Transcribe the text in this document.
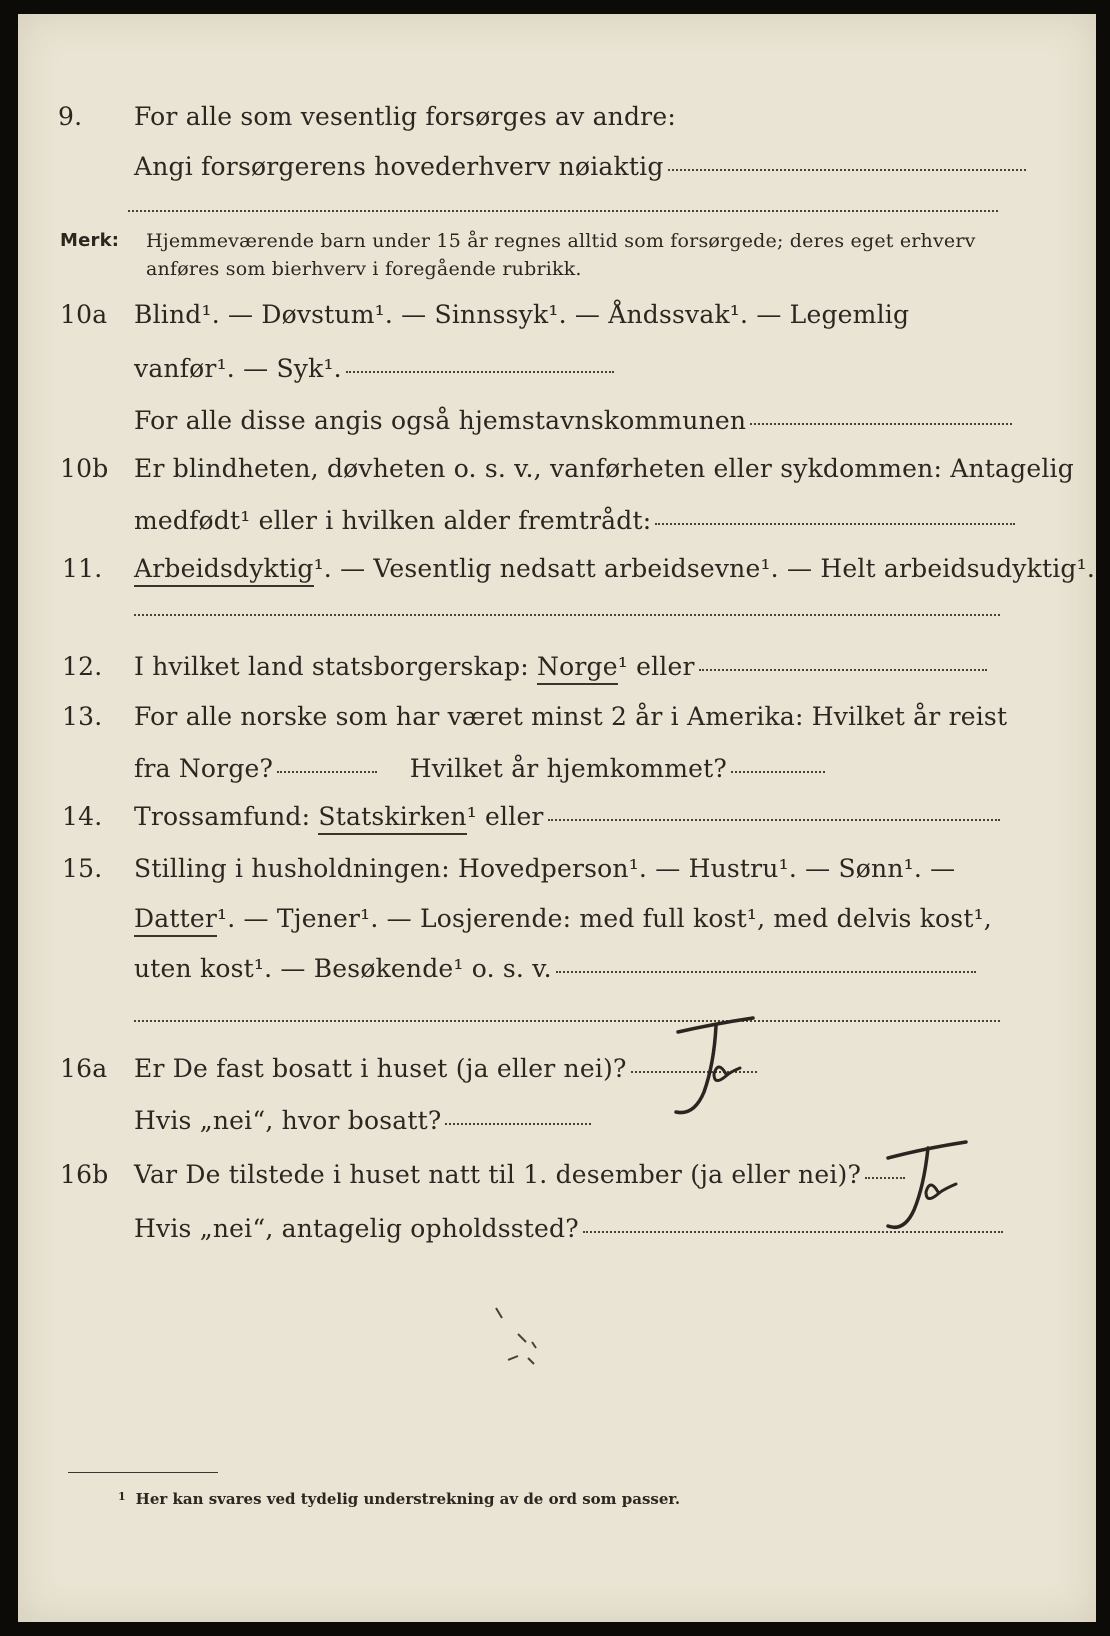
9. For alle som vesentlig forsørges av andre:
Angi forsørgerens hovederhverv nøiaktig
Merk: Hjemmeværende barn under 15 år regnes alltid som forsørgede; deres eget erhverv
anføres som bierhverv i foregående rubrikk.
10a Blind¹. — Døvstum¹. — Sinnssyk¹. — Åndssvak¹. — Legemlig
vanfør¹. — Syk¹.
For alle disse angis også hjemstavnskommunen
10b Er blindheten, døvheten o. s. v., vanførheten eller sykdommen: Antagelig
medfødt¹ eller i hvilken alder fremtrådt:
11. Arbeidsdyktig¹. — Vesentlig nedsatt arbeidsevne¹. — Helt arbeidsudyktig¹.
12. I hvilket land statsborgerskap: Norge¹ eller
13. For alle norske som har været minst 2 år i Amerika: Hvilket år reist
fra Norge?	Hvilket år hjemkommet?
14. Trossamfund: Statskirken¹ eller
15. Stilling i husholdningen: Hovedperson¹. — Hustru¹. — Sønn¹. —
Datter¹. — Tjener¹. — Losjerende: med full kost¹, med delvis kost¹,
uten kost¹. — Besøkende¹ o. s. v.
16a Er De fast bosatt i huset (ja eller nei)?
Hvis „nei“, hvor bosatt?
16b Var De tilstede i huset natt til 1. desember (ja eller nei)?
Hvis „nei“, antagelig opholdssted?
$^1$ Her kan svares ved tydelig understrekning av de ord som passer.
